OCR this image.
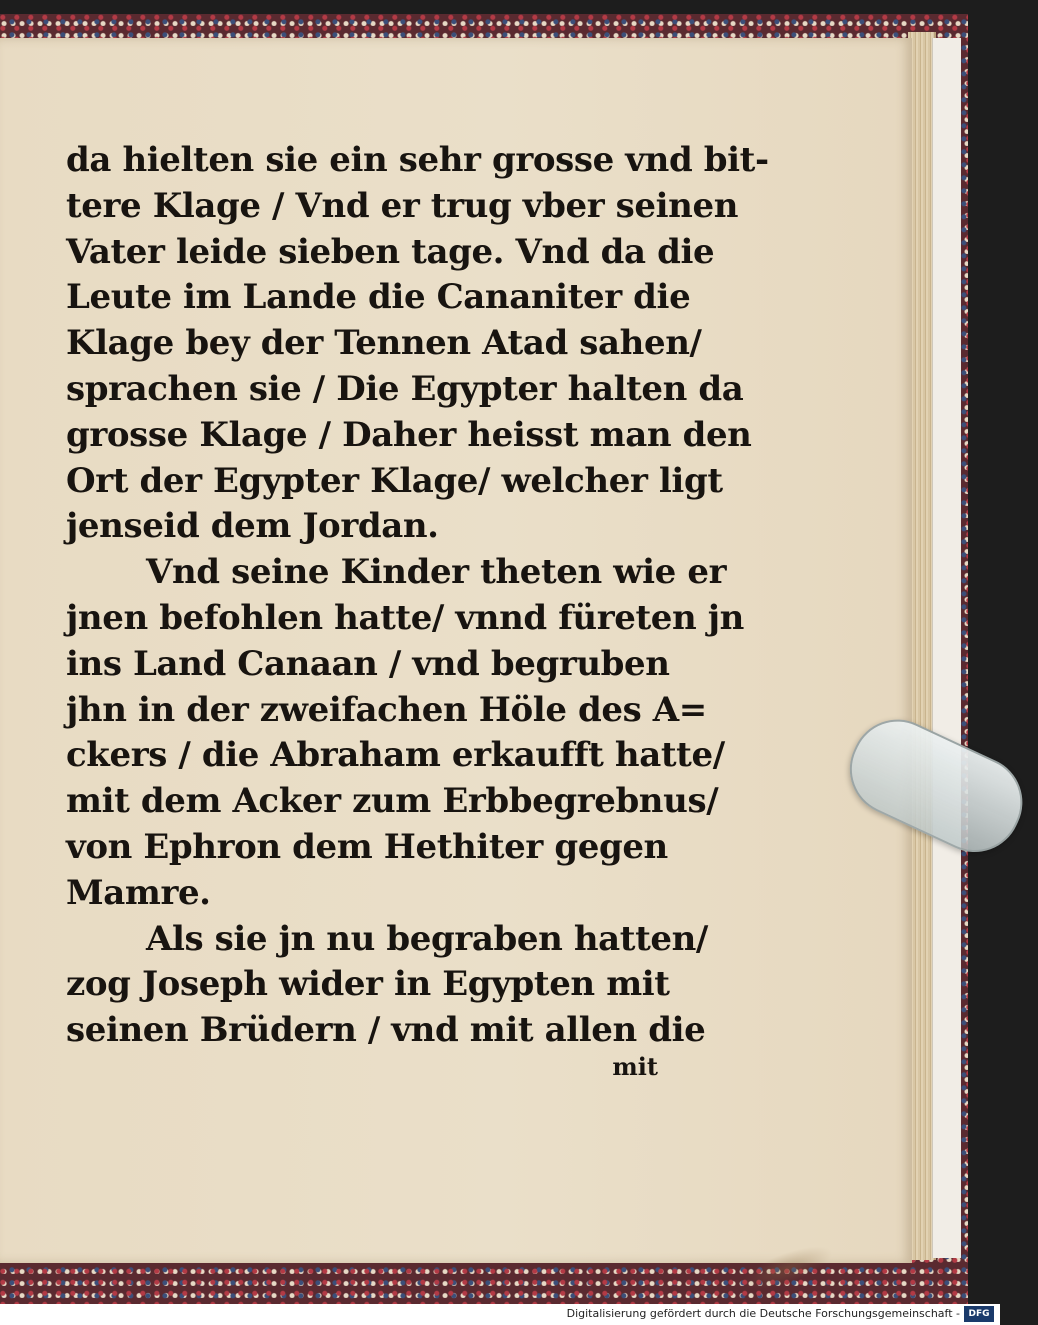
da hielten sie ein sehr grosse vnd bit-
tere Klage / Vnd er trug vber seinen
Vater leide sieben tage. Vnd da die
Leute im Lande die Cananiter die
Klage bey der Tennen Atad sahen/
sprachen sie / Die Egypter halten da
grosse Klage / Daher heisst man den
Ort der Egypter Klage/ welcher ligt
jenseid dem Jordan.
Vnd seine Kinder theten wie er
jnen befohlen hatte/ vnnd füreten jn
ins Land Canaan / vnd begruben
jhn in der zweifachen Höle des A=
ckers / die Abraham erkaufft hatte/
mit dem Acker zum Erbbegrebnus/
von Ephron dem Hethiter gegen
Mamre.
Als sie jn nu begraben hatten/
zog Joseph wider in Egypten mit
seinen Brüdern / vnd mit allen die
mit
Digitalisierung gefördert durch die Deutsche Forschungsgemeinschaft - DFG
